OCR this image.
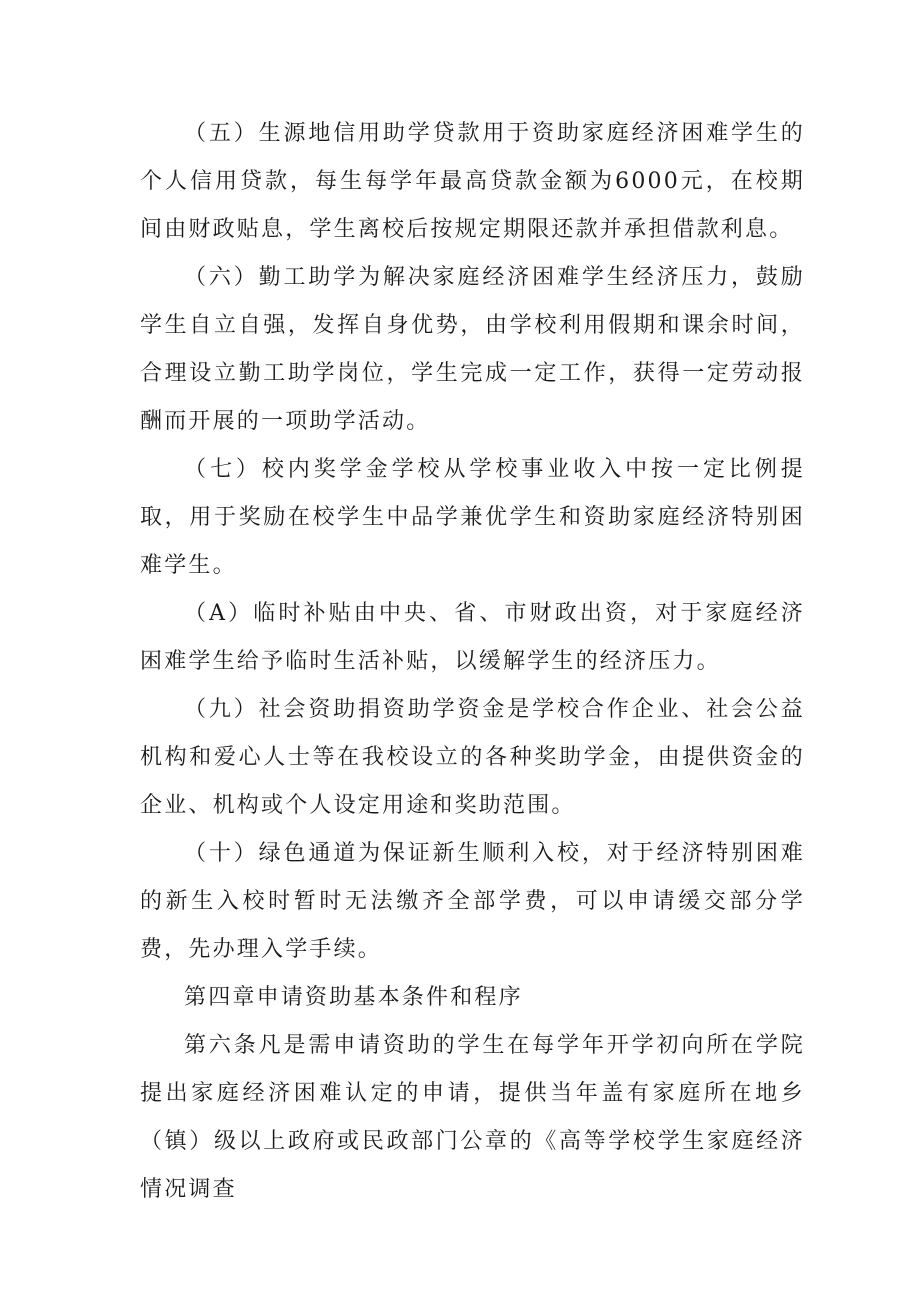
（五）生源地信用助学贷款用于资助家庭经济困难学生的个人信用贷款，每生每学年最高贷款金额为6000元，在校期间由财政贴息，学生离校后按规定期限还款并承担借款利息。

（六）勤工助学为解决家庭经济困难学生经济压力，鼓励学生自立自强，发挥自身优势，由学校利用假期和课余时间，合理设立勤工助学岗位，学生完成一定工作，获得一定劳动报酬而开展的一项助学活动。

（七）校内奖学金学校从学校事业收入中按一定比例提取，用于奖励在校学生中品学兼优学生和资助家庭经济特别困难学生。

（A）临时补贴由中央、省、市财政出资，对于家庭经济困难学生给予临时生活补贴，以缓解学生的经济压力。

（九）社会资助捐资助学资金是学校合作企业、社会公益机构和爱心人士等在我校设立的各种奖助学金，由提供资金的企业、机构或个人设定用途和奖助范围。

（十）绿色通道为保证新生顺利入校，对于经济特别困难的新生入校时暂时无法缴齐全部学费，可以申请缓交部分学费，先办理入学手续。

第四章申请资助基本条件和程序

第六条凡是需申请资助的学生在每学年开学初向所在学院提出家庭经济困难认定的申请，提供当年盖有家庭所在地乡（镇）级以上政府或民政部门公章的《高等学校学生家庭经济情况调查
